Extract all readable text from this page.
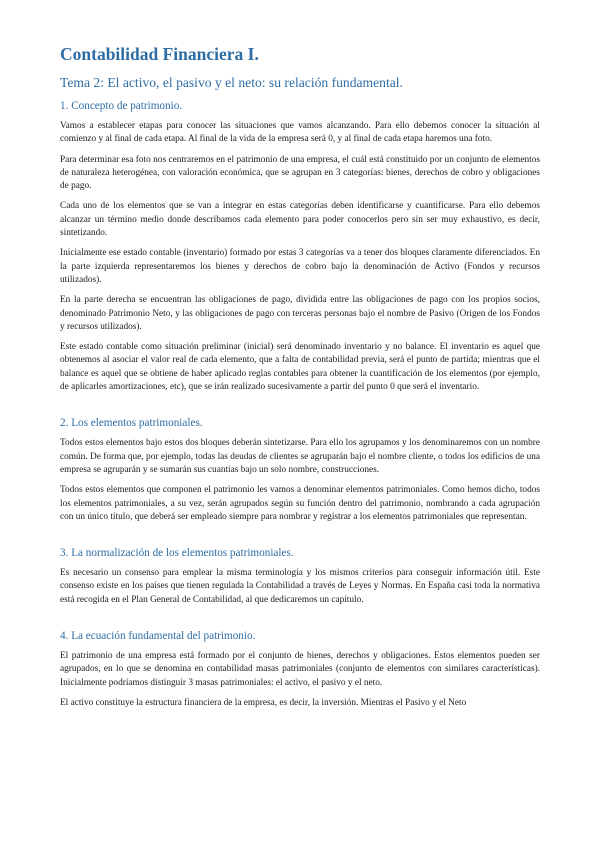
Contabilidad Financiera I.
Tema 2: El activo, el pasivo y el neto: su relación fundamental.
1. Concepto de patrimonio.

Vamos a establecer etapas para conocer las situaciones que vamos alcanzando. Para ello debemos conocer la situación al comienzo y al final de cada etapa. Al final de la vida de la empresa será 0, y al final de cada etapa haremos una foto.

Para determinar esa foto nos centraremos en el patrimonio de una empresa, el cuál está constituido por un conjunto de elementos de naturaleza heterogénea, con valoración económica, que se agrupan en 3 categorías: bienes, derechos de cobro y obligaciones de pago.

Cada uno de los elementos que se van a integrar en estas categorías deben identificarse y cuantificarse. Para ello debemos alcanzar un término medio donde describamos cada elemento para poder conocerlos pero sin ser muy exhaustivo, es decir, sintetizando.

Inicialmente ese estado contable (inventario) formado por estas 3 categorías va a tener dos bloques claramente diferenciados. En la parte izquierda representaremos los bienes y derechos de cobro bajo la denominación de Activo (Fondos y recursos utilizados).

En la parte derecha se encuentran las obligaciones de pago, dividida entre las obligaciones de pago con los propios socios, denominado Patrimonio Neto, y las obligaciones de pago con terceras personas bajo el nombre de Pasivo (Origen de los Fondos y recursos utilizados).

Este estado contable como situación preliminar (inicial) será denominado inventario y no balance. El inventario es aquel que obtenemos al asociar el valor real de cada elemento, que a falta de contabilidad previa, será el punto de partida; mientras que el balance es aquel que se obtiene de haber aplicado reglas contables para obtener la cuantificación de los elementos (por ejemplo, de aplicarles amortizaciones, etc), que se irán realizado sucesivamente a partir del punto 0 que será el inventario.

2. Los elementos patrimoniales.

Todos estos elementos bajo estos dos bloques deberán sintetizarse. Para ello los agrupamos y los denominaremos con un nombre común. De forma que, por ejemplo, todas las deudas de clientes se agruparán bajo el nombre cliente, o todos los edificios de una empresa se agruparán y se sumarán sus cuantías bajo un solo nombre, construcciones.

Todos estos elementos que componen el patrimonio les vamos a denominar elementos patrimoniales. Como hemos dicho, todos los elementos patrimoniales, a su vez, serán agrupados según su función dentro del patrimonio, nombrando a cada agrupación con un único título, que deberá ser empleado siempre para nombrar y registrar a los elementos patrimoniales que representan.

3. La normalización de los elementos patrimoniales.

Es necesario un consenso para emplear la misma terminología y los mismos criterios para conseguir información útil. Este consenso existe en los países que tienen regulada la Contabilidad a través de Leyes y Normas. En España casi toda la normativa está recogida en el Plan General de Contabilidad, al que dedicaremos un capítulo.

4. La ecuación fundamental del patrimonio.

El patrimonio de una empresa está formado por el conjunto de bienes, derechos y obligaciones. Estos elementos pueden ser agrupados, en lo que se denomina en contabilidad masas patrimoniales (conjunto de elementos con similares características). Inicialmente podríamos distinguir 3 masas patrimoniales: el activo, el pasivo y el neto.

El activo constituye la estructura financiera de la empresa, es decir, la inversión. Mientras el Pasivo y el Neto
